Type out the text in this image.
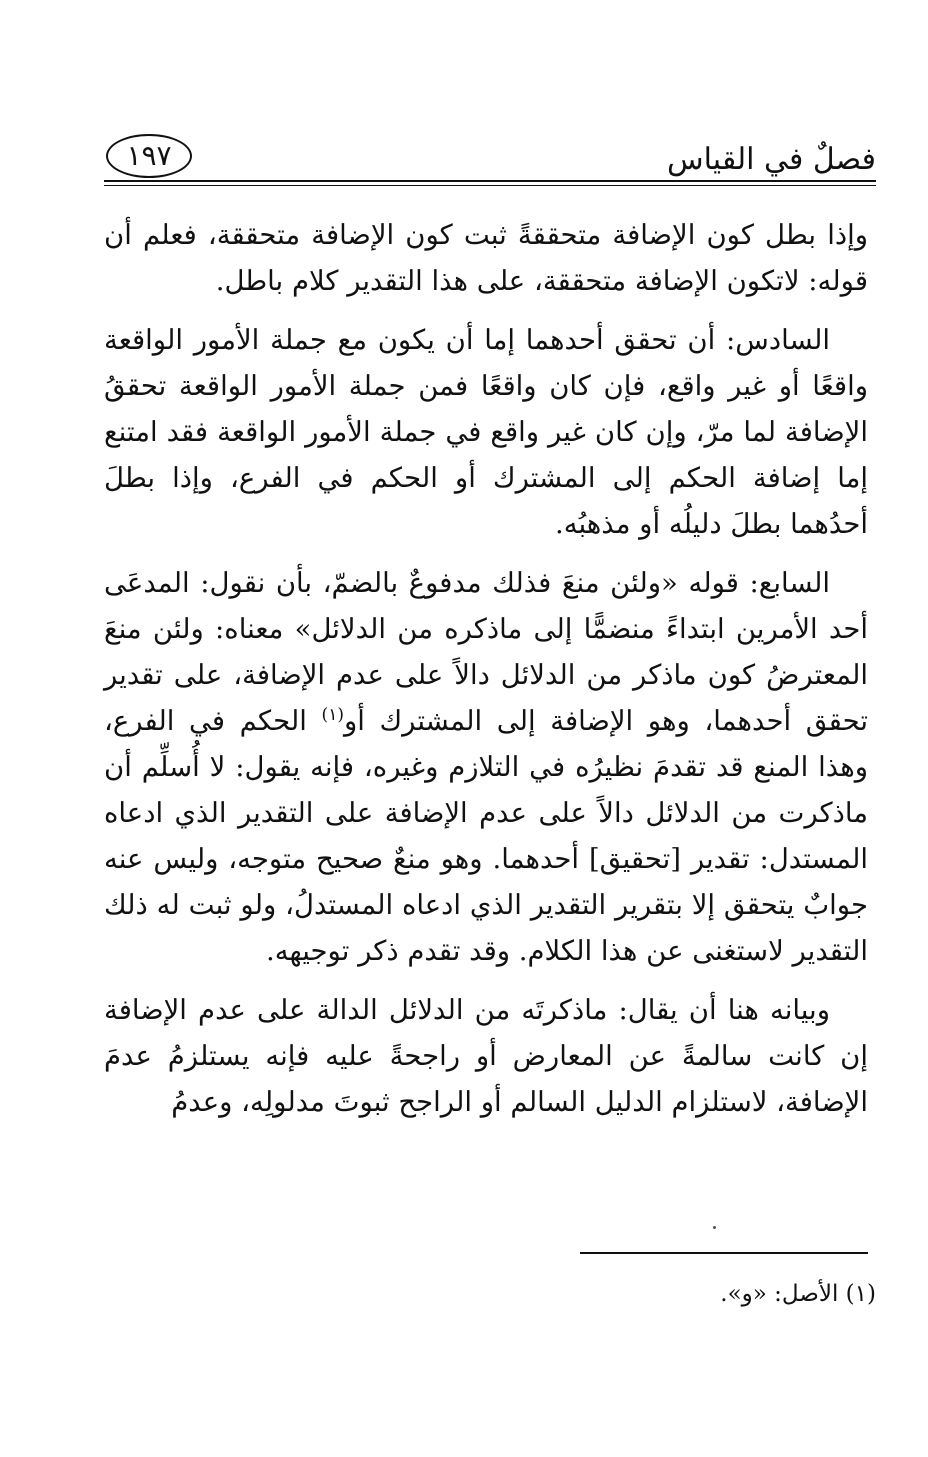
فصلٌ في القياس
١٩٧

وإذا بطل كون الإضافة متحققةً ثبت كون الإضافة متحققة، فعلم أن قوله: لاتكون الإضافة متحققة، على هذا التقدير كلام باطل.

السادس: أن تحقق أحدهما إما أن يكون مع جملة الأمور الواقعة واقعًا أو غير واقع، فإن كان واقعًا فمن جملة الأمور الواقعة تحققُ الإضافة لما مرّ، وإن كان غير واقع في جملة الأمور الواقعة فقد امتنع إما إضافة الحكم إلى المشترك أو الحكم في الفرع، وإذا بطلَ أحدُهما بطلَ دليلُه أو مذهبُه.

السابع: قوله «ولئن منعَ فذلك مدفوعٌ بالضمّ، بأن نقول: المدعَى أحد الأمرين ابتداءً منضمًّا إلى ماذكره من الدلائل» معناه: ولئن منعَ المعترضُ كون ماذكر من الدلائل دالاً على عدم الإضافة، على تقدير تحقق أحدهما، وهو الإضافة إلى المشترك أو$^{(١)}$ الحكم في الفرع، وهذا المنع قد تقدمَ نظيرُه في التلازم وغيره، فإنه يقول: لا أُسلِّم أن ماذكرت من الدلائل دالاً على عدم الإضافة على التقدير الذي ادعاه المستدل: تقدير [تحقيق] أحدهما. وهو منعٌ صحيح متوجه، وليس عنه جوابٌ يتحقق إلا بتقرير التقدير الذي ادعاه المستدلُ، ولو ثبت له ذلك التقدير لاستغنى عن هذا الكلام. وقد تقدم ذكر توجيهه.

وبيانه هنا أن يقال: ماذكرتَه من الدلائل الدالة على عدم الإضافة إن كانت سالمةً عن المعارض أو راجحةً عليه فإنه يستلزمُ عدمَ الإضافة، لاستلزام الدليل السالم أو الراجح ثبوتَ مدلولِه، وعدمُ

(١) الأصل: «و».
